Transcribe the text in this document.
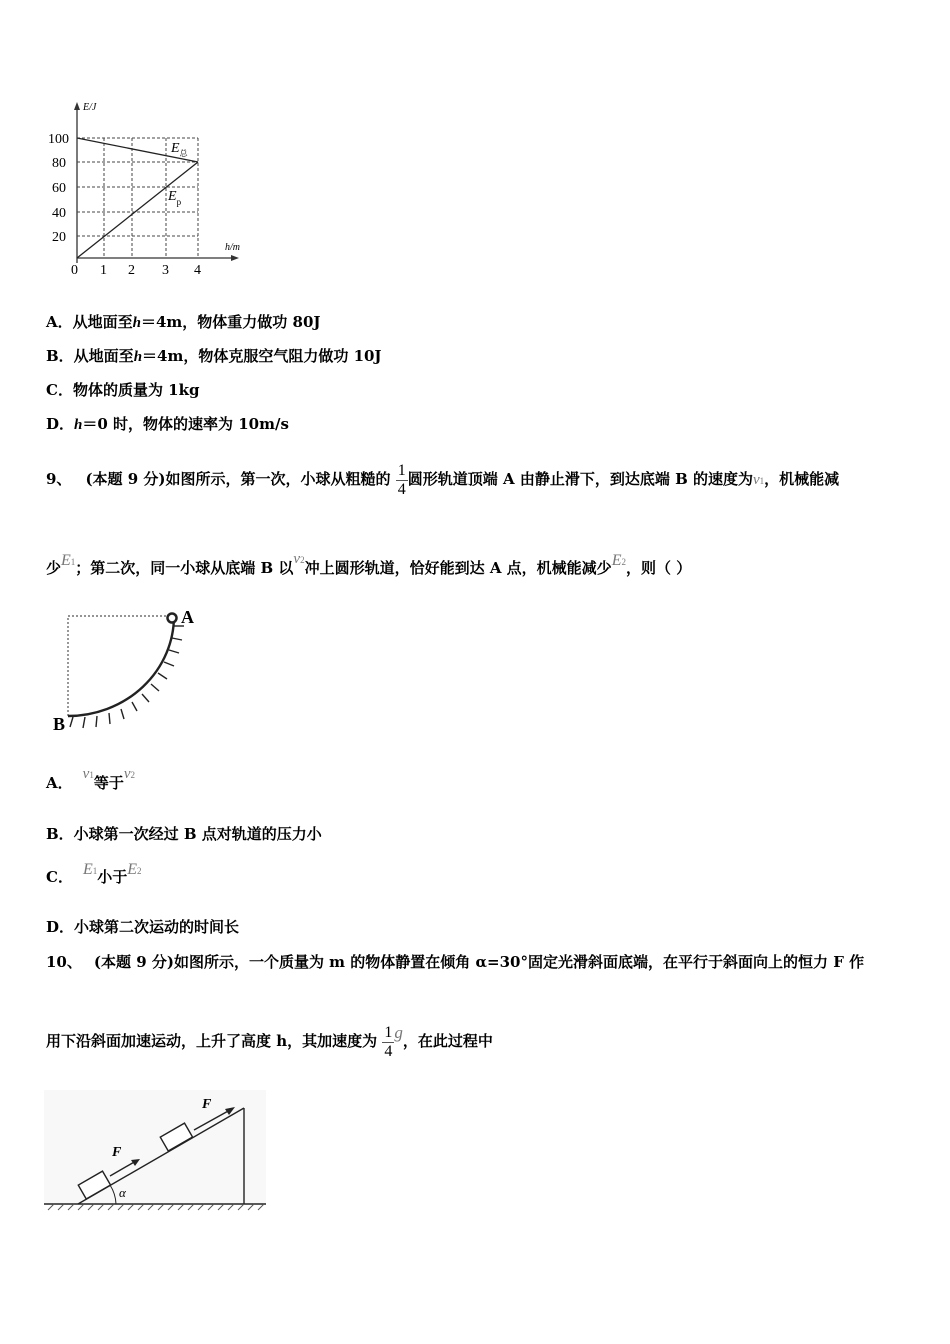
E/J
h/m
100
80
60
40
20
0 1 2 3 4
$E_总$
$E_p$
A．从地面至h＝4m，物体重力做功 80J
B．从地面至h＝4m，物体克服空气阻力做功 10J
C．物体的质量为 1kg
D．h＝0 时，物体的速率为 10m/s
9、 (本题 9 分)如图所示，第一次，小球从粗糙的 $\frac{1}{4}$ 圆形轨道顶端 A 由静止滑下，到达底端 B 的速度为v1，机械能减
少E1；第二次，同一小球从底端 B 以v2冲上圆形轨道，恰好能到达 A 点，机械能减少E2，则（ ）
A
B
A． v1等于v2
B．小球第一次经过 B 点对轨道的压力小
C． E1小于E2
D．小球第二次运动的时间长
10、 (本题 9 分)如图所示，一个质量为 m 的物体静置在倾角 α=30°固定光滑斜面底端，在平行于斜面向上的恒力 F 作
用下沿斜面加速运动，上升了高度 h，其加速度为 $\frac{1}{4}$ g，在此过程中
α
F
F
